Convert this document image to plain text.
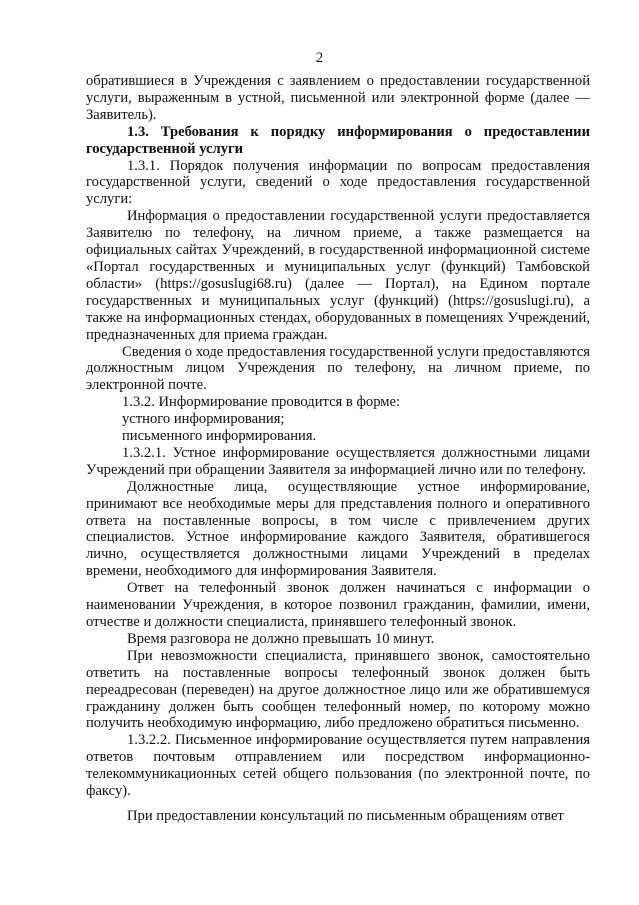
2

обратившиеся в Учреждения с заявлением о предоставлении государственной услуги, выраженным в устной, письменной или электронной форме (далее — Заявитель).

1.3. Требования к порядку информирования о предоставлении государственной услуги

1.3.1. Порядок получения информации по вопросам предоставления государственной услуги, сведений о ходе предоставления государственной услуги:

Информация о предоставлении государственной услуги предоставляется Заявителю по телефону, на личном приеме, а также размещается на официальных сайтах Учреждений, в государственной информационной системе «Портал государственных и муниципальных услуг (функций) Тамбовской области» (https://gosuslugi68.ru) (далее — Портал), на Едином портале государственных и муниципальных услуг (функций) (https://gosuslugi.ru), а также на информационных стендах, оборудованных в помещениях Учреждений, предназначенных для приема граждан.

Сведения о ходе предоставления государственной услуги предоставляются должностным лицом Учреждения по телефону, на личном приеме, по электронной почте.

1.3.2. Информирование проводится в форме:

устного информирования;

письменного информирования.

1.3.2.1. Устное информирование осуществляется должностными лицами Учреждений при обращении Заявителя за информацией лично или по телефону.

Должностные лица, осуществляющие устное информирование, принимают все необходимые меры для представления полного и оперативного ответа на поставленные вопросы, в том числе с привлечением других специалистов. Устное информирование каждого Заявителя, обратившегося лично, осуществляется должностными лицами Учреждений в пределах времени, необходимого для информирования Заявителя.

Ответ на телефонный звонок должен начинаться с информации о наименовании Учреждения, в которое позвонил гражданин, фамилии, имени, отчестве и должности специалиста, принявшего телефонный звонок.

Время разговора не должно превышать 10 минут.

При невозможности специалиста, принявшего звонок, самостоятельно ответить на поставленные вопросы телефонный звонок должен быть переадресован (переведен) на другое должностное лицо или же обратившемуся гражданину должен быть сообщен телефонный номер, по которому можно получить необходимую информацию, либо предложено обратиться письменно.

1.3.2.2. Письменное информирование осуществляется путем направления ответов почтовым отправлением или посредством информационно-телекоммуникационных сетей общего пользования (по электронной почте, по факсу).

При предоставлении консультаций по письменным обращениям ответ
